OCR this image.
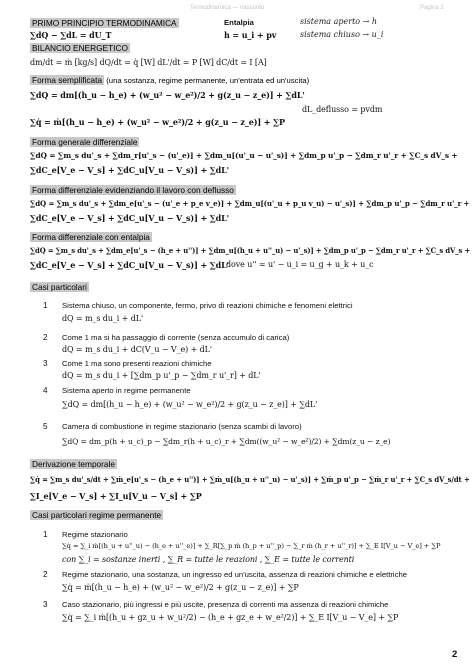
Termodinamica — riassunto	Pagina 2
PRIMO PRINCIPIO TERMODINAMICA
∑dQ − ∑dL = dU_T
Entalpia
h = u_i + pv
sistema aperto → h
sistema chiuso → u_i
BILANCIO ENERGETICO
dm/dt = ṁ [kg/s] dQ/dt = q̇ [W] dL'/dt = P [W] dC/dt = I [A]
Forma semplificata (una sostanza, regime permanente, un'entrata ed un'uscita)
∑dQ = dm[(h_u − h_e) + (w_u² − w_e²)/2 + g(z_u − z_e)] + ∑dL'
dL_deflusso = pvdm
∑q̇ = ṁ[(h_u − h_e) + (w_u² − w_e²)/2 + g(z_u − z_e)] + ∑P
Forma generale differenziale
∑dQ = ∑m_s du'_s + ∑dm_r[u'_s − (u'_e)] + ∑dm_u[(u'_u − u'_s)] + ∑dm_p u'_p − ∑dm_r u'_r + ∑C_s dV_s +
∑dC_e[V_e − V_s] + ∑dC_u[V_u − V_s)] + ∑dL'
Forma differenziale evidenziando il lavoro con deflusso
∑dQ = ∑m_s du'_s + ∑dm_e[u'_s − (u'_e + p_e v_e)] + ∑dm_u[(u'_u + p_u v_u) − u'_s)] + ∑dm_p u'_p − ∑dm_r u'_r +
∑dC_e[V_e − V_s] + ∑dC_u[V_u − V_s)] + ∑dL'
Forma differenziale con entalpia
∑dQ = ∑m_s du'_s + ∑dm_e[u'_s − (h_e + u'')] + ∑dm_u[(h_u + u''_u) − u'_s)] + ∑dm_p u'_p − ∑dm_r u'_r + ∑C_s dV_s +
∑dC_e[V_e − V_s] + ∑dC_u[V_u − V_s)] + ∑dL'
dove u'' = u' − u_i = u_g + u_k + u_c
Casi particolari
1 Sistema chiuso, un componente, fermo, privo di reazioni chimiche e fenomeni elettrici
dQ = m_s du_i + dL'
2 Come 1 ma si ha passaggio di corrente (senza accumulo di carica)
dQ = m_s du_i + dC(V_u − V_e) + dL'
3 Come 1 ma sono presenti reazioni chimiche
dQ = m_s du_i + [∑dm_p u'_p − ∑dm_r u'_r] + dL'
4 Sistema aperto in regime permanente
∑dQ = dm[(h_u − h_e) + (w_u² − w_e²)/2 + g(z_u − z_e)] + ∑dL'
5 Camera di combustione in regime stazionario (senza scambi di lavoro)
∑dQ = dm_p(h + u_c)_p − ∑dm_r(h + u_c)_r + ∑dm((w_u² − w_e²)/2) + ∑dm(z_u − z_e)
Derivazione temporale
∑q̇ = ∑m_s du'_s/dt + ∑ṁ_e[u'_s − (h_e + u'')] + ∑ṁ_u[(h_u + u''_u) − u'_s)] + ∑ṁ_p u'_p − ∑ṁ_r u'_r + ∑C_s dV_s/dt +
∑I_e[V_e − V_s] + ∑I_u[V_u − V_s] + ∑P
Casi particolari regime permanente
1 Regime stazionario
∑q̇ = ∑_i ṁ[(h_u + u''_u) − (h_e + u''_e)] + ∑_R[∑_p ṁ (h_p + u''_p) − ∑_r ṁ (h_r + u''_r)] + ∑_E I[V_u − V_e] + ∑P
con ∑_i = sostanze inerti , ∑_R = tutte le reazioni , ∑_E = tutte le correnti
2 Regime stazionario, una sostanza, un ingresso ed un'uscita, assenza di reazioni chimiche e elettriche
∑q̇ = ṁ[(h_u − h_e) + (w_u² − w_e²)/2 + g(z_u − z_e)] + ∑P
3 Caso stazionario, più ingressi e più uscite, presenza di correnti ma assenza di reazioni chimiche
∑q̇ = ∑_i ṁ[(h_u + gz_u + w_u²/2) − (h_e + gz_e + w_e²/2)] + ∑_E I[V_u − V_e] + ∑P
2
